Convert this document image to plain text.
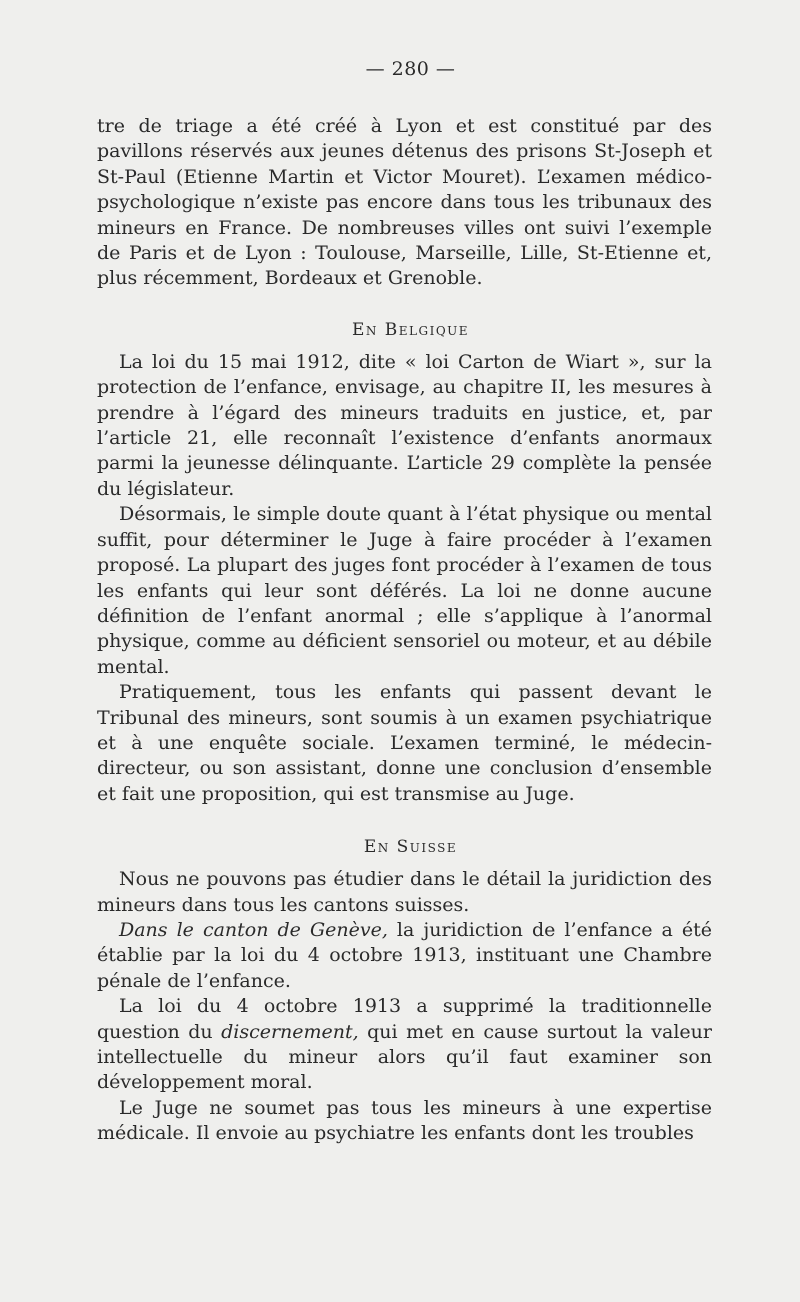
— 280 —

tre de triage a été créé à Lyon et est constitué par des pavillons réservés aux jeunes détenus des prisons St-Joseph et St-Paul (Etienne Martin et Victor Mouret). L’examen médico-psychologique n’existe pas encore dans tous les tribunaux des mineurs en France. De nombreuses villes ont suivi l’exemple de Paris et de Lyon : Toulouse, Marseille, Lille, St-Etienne et, plus récemment, Bordeaux et Grenoble.

En Belgique

La loi du 15 mai 1912, dite « loi Carton de Wiart », sur la protection de l’enfance, envisage, au chapitre II, les mesures à prendre à l’égard des mineurs traduits en justice, et, par l’article 21, elle reconnaît l’existence d’enfants anormaux parmi la jeunesse délinquante. L’article 29 complète la pensée du législateur.

Désormais, le simple doute quant à l’état physique ou mental suffit, pour déterminer le Juge à faire procéder à l’examen proposé. La plupart des juges font procéder à l’examen de tous les enfants qui leur sont déférés. La loi ne donne aucune définition de l’enfant anormal ; elle s’applique à l’anormal physique, comme au déficient sensoriel ou moteur, et au débile mental.

Pratiquement, tous les enfants qui passent devant le Tribunal des mineurs, sont soumis à un examen psychiatrique et à une enquête sociale. L’examen terminé, le médecin-directeur, ou son assistant, donne une conclusion d’ensemble et fait une proposition, qui est transmise au Juge.

En Suisse

Nous ne pouvons pas étudier dans le détail la juridiction des mineurs dans tous les cantons suisses.

Dans le canton de Genève, la juridiction de l’enfance a été établie par la loi du 4 octobre 1913, instituant une Chambre pénale de l’enfance.

La loi du 4 octobre 1913 a supprimé la traditionnelle question du discernement, qui met en cause surtout la valeur intellectuelle du mineur alors qu’il faut examiner son développement moral.

Le Juge ne soumet pas tous les mineurs à une expertise médicale. Il envoie au psychiatre les enfants dont les troubles
